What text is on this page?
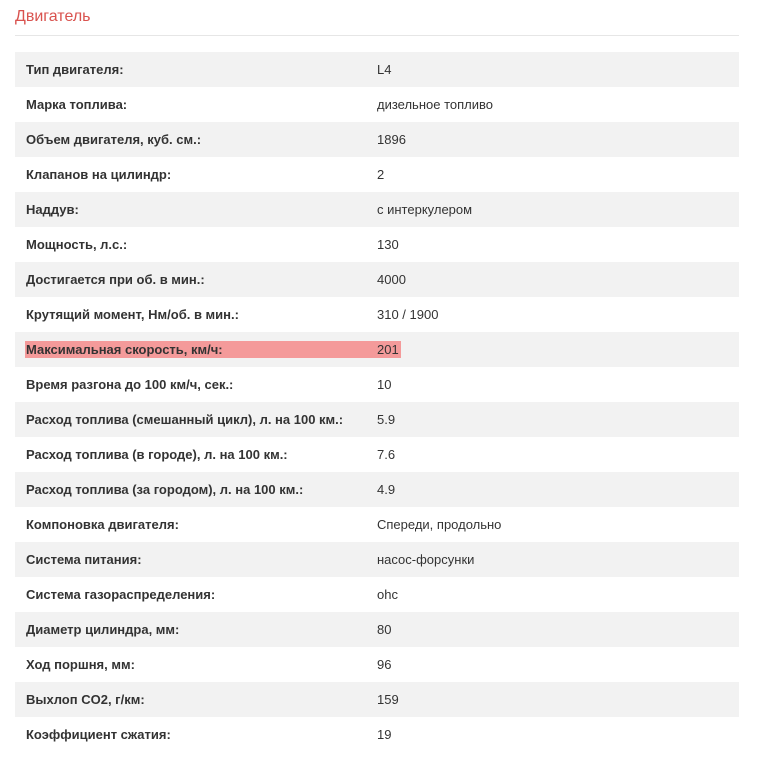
Двигатель
Тип двигателя:	L4
Марка топлива:	дизельное топливо
Объем двигателя, куб. см.:	1896
Клапанов на цилиндр:	2
Наддув:	с интеркулером
Мощность, л.с.:	130
Достигается при об. в мин.:	4000
Крутящий момент, Нм/об. в мин.:	310 / 1900
Максимальная скорость, км/ч:	201
Время разгона до 100 км/ч, сек.:	10
Расход топлива (смешанный цикл), л. на 100 км.:	5.9
Расход топлива (в городе), л. на 100 км.:	7.6
Расход топлива (за городом), л. на 100 км.:	4.9
Компоновка двигателя:	Спереди, продольно
Система питания:	насос-форсунки
Система газораспределения:	ohc
Диаметр цилиндра, мм:	80
Ход поршня, мм:	96
Выхлоп CO2, г/км:	159
Коэффициент сжатия:	19
